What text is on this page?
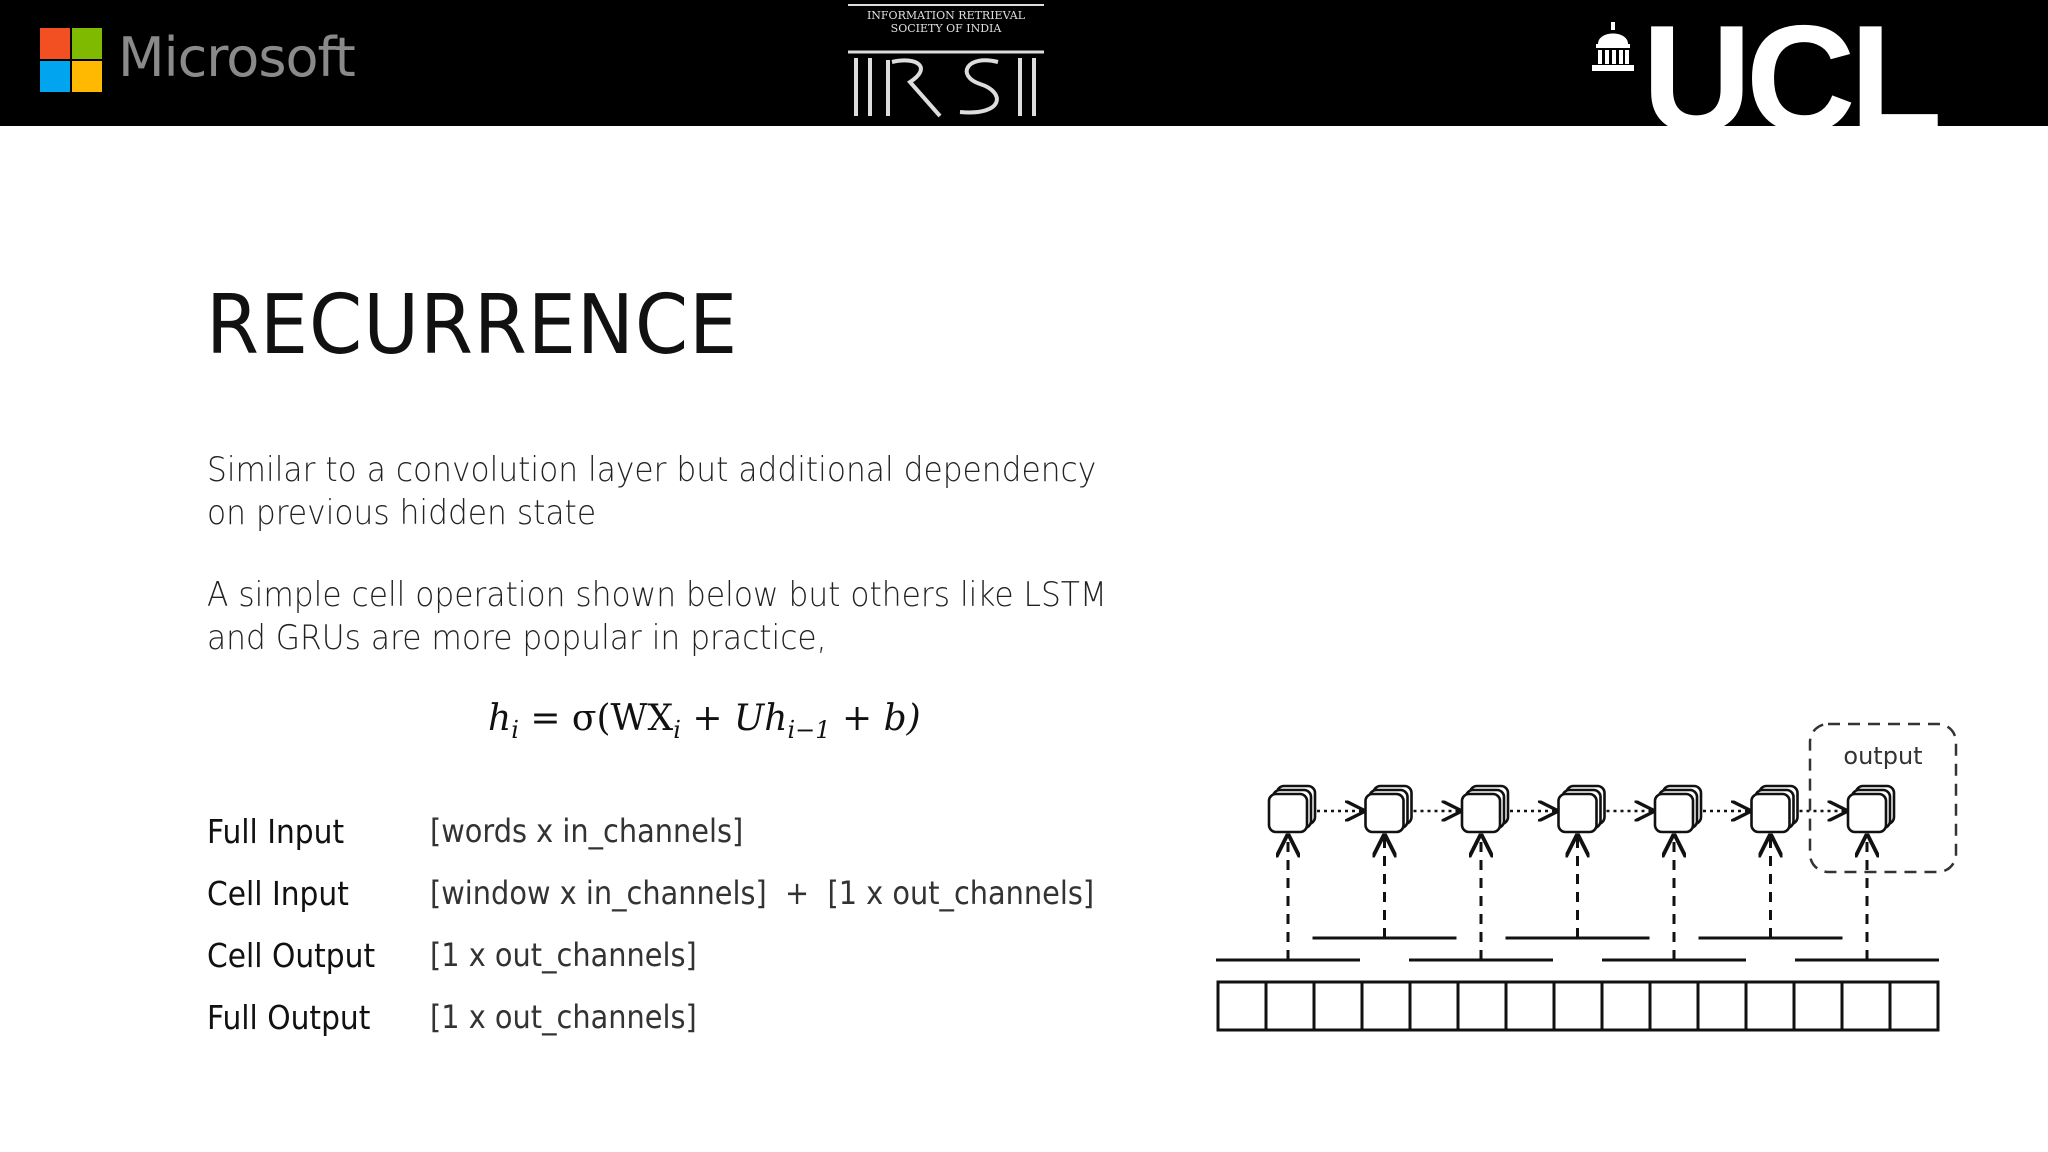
Microsoft
INFORMATION RETRIEVAL
SOCIETY OF INDIA	UCL
RECURRENCE
Similar to a convolution layer but additional dependency on previous hidden state
A simple cell operation shown below but others like LSTM and GRUs are more popular in practice,
$h_i = \sigma(WX_i + Uh_{i-1} + b)$
Full Input	[words x in_channels]
Cell Input	[window x in_channels]  +  [1 x out_channels]
Cell Output [1 x out_channels]
Full Output [1 x out_channels]
output
